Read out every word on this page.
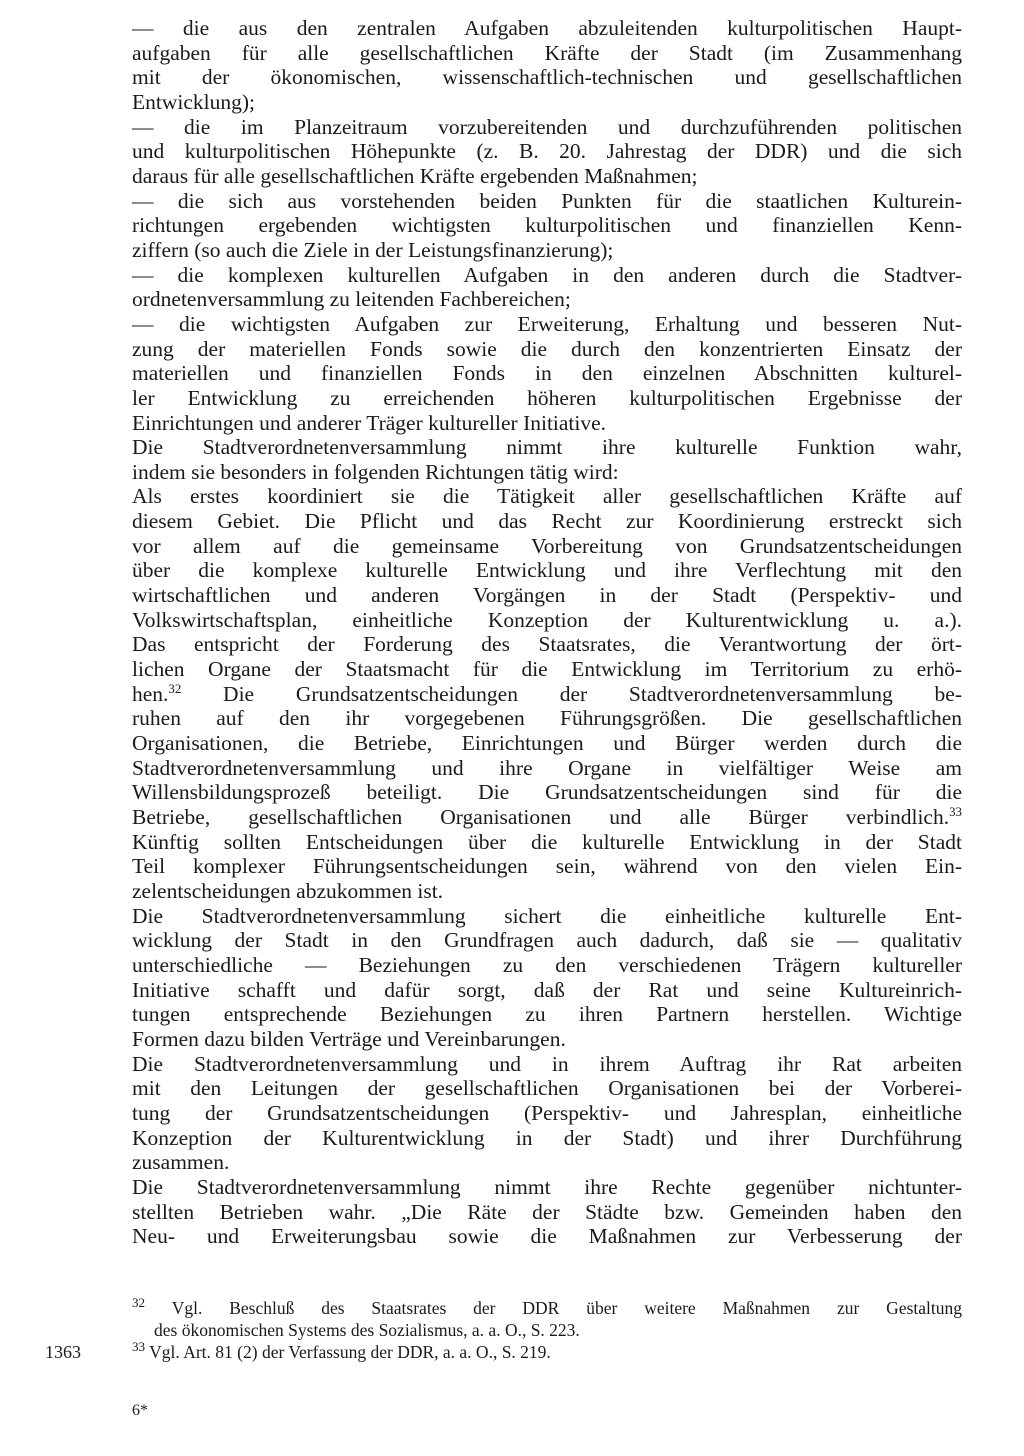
— die aus den zentralen Aufgaben abzuleitenden kulturpolitischen Haupt-

aufgaben für alle gesellschaftlichen Kräfte der Stadt (im Zusammenhang

mit der ökonomischen, wissenschaftlich-technischen und gesellschaftlichen

Entwicklung);

— die im Planzeitraum vorzubereitenden und durchzuführenden politischen

und kulturpolitischen Höhepunkte (z. B. 20. Jahrestag der DDR) und die sich

daraus für alle gesellschaftlichen Kräfte ergebenden Maßnahmen;

— die sich aus vorstehenden beiden Punkten für die staatlichen Kulturein-

richtungen ergebenden wichtigsten kulturpolitischen und finanziellen Kenn-

ziffern (so auch die Ziele in der Leistungsfinanzierung);

— die komplexen kulturellen Aufgaben in den anderen durch die Stadtver-

ordnetenversammlung zu leitenden Fachbereichen;

— die wichtigsten Aufgaben zur Erweiterung, Erhaltung und besseren Nut-

zung der materiellen Fonds sowie die durch den konzentrierten Einsatz der

materiellen und finanziellen Fonds in den einzelnen Abschnitten kulturel-

ler Entwicklung zu erreichenden höheren kulturpolitischen Ergebnisse der

Einrichtungen und anderer Träger kultureller Initiative.

Die Stadtverordnetenversammlung nimmt ihre kulturelle Funktion wahr,

indem sie besonders in folgenden Richtungen tätig wird:

Als erstes koordiniert sie die Tätigkeit aller gesellschaftlichen Kräfte auf

diesem Gebiet. Die Pflicht und das Recht zur Koordinierung erstreckt sich

vor allem auf die gemeinsame Vorbereitung von Grundsatzentscheidungen

über die komplexe kulturelle Entwicklung und ihre Verflechtung mit den

wirtschaftlichen und anderen Vorgängen in der Stadt (Perspektiv- und

Volkswirtschaftsplan, einheitliche Konzeption der Kulturentwicklung u. a.).

Das entspricht der Forderung des Staatsrates, die Verantwortung der ört-

lichen Organe der Staatsmacht für die Entwicklung im Territorium zu erhö-

hen.$^{32}$ Die Grundsatzentscheidungen der Stadtverordnetenversammlung be-

ruhen auf den ihr vorgegebenen Führungsgrößen. Die gesellschaftlichen

Organisationen, die Betriebe, Einrichtungen und Bürger werden durch die

Stadtverordnetenversammlung und ihre Organe in vielfältiger Weise am

Willensbildungsprozeß beteiligt. Die Grundsatzentscheidungen sind für die

Betriebe, gesellschaftlichen Organisationen und alle Bürger verbindlich.$^{33}$

Künftig sollten Entscheidungen über die kulturelle Entwicklung in der Stadt

Teil komplexer Führungsentscheidungen sein, während von den vielen Ein-

zelentscheidungen abzukommen ist.

Die Stadtverordnetenversammlung sichert die einheitliche kulturelle Ent-

wicklung der Stadt in den Grundfragen auch dadurch, daß sie — qualitativ

unterschiedliche — Beziehungen zu den verschiedenen Trägern kultureller

Initiative schafft und dafür sorgt, daß der Rat und seine Kultureinrich-

tungen entsprechende Beziehungen zu ihren Partnern herstellen. Wichtige

Formen dazu bilden Verträge und Vereinbarungen.

Die Stadtverordnetenversammlung und in ihrem Auftrag ihr Rat arbeiten

mit den Leitungen der gesellschaftlichen Organisationen bei der Vorberei-

tung der Grundsatzentscheidungen (Perspektiv- und Jahresplan, einheitliche

Konzeption der Kulturentwicklung in der Stadt) und ihrer Durchführung

zusammen.

Die Stadtverordnetenversammlung nimmt ihre Rechte gegenüber nichtunter-

stellten Betrieben wahr. „Die Räte der Städte bzw. Gemeinden haben den

Neu- und Erweiterungsbau sowie die Maßnahmen zur Verbesserung der

$^{32}$ Vgl. Beschluß des Staatsrates der DDR über weitere Maßnahmen zur Gestaltung

des ökonomischen Systems des Sozialismus, a. a. O., S. 223.

$^{33}$ Vgl. Art. 81 (2) der Verfassung der DDR, a. a. O., S. 219.

1363
6*
